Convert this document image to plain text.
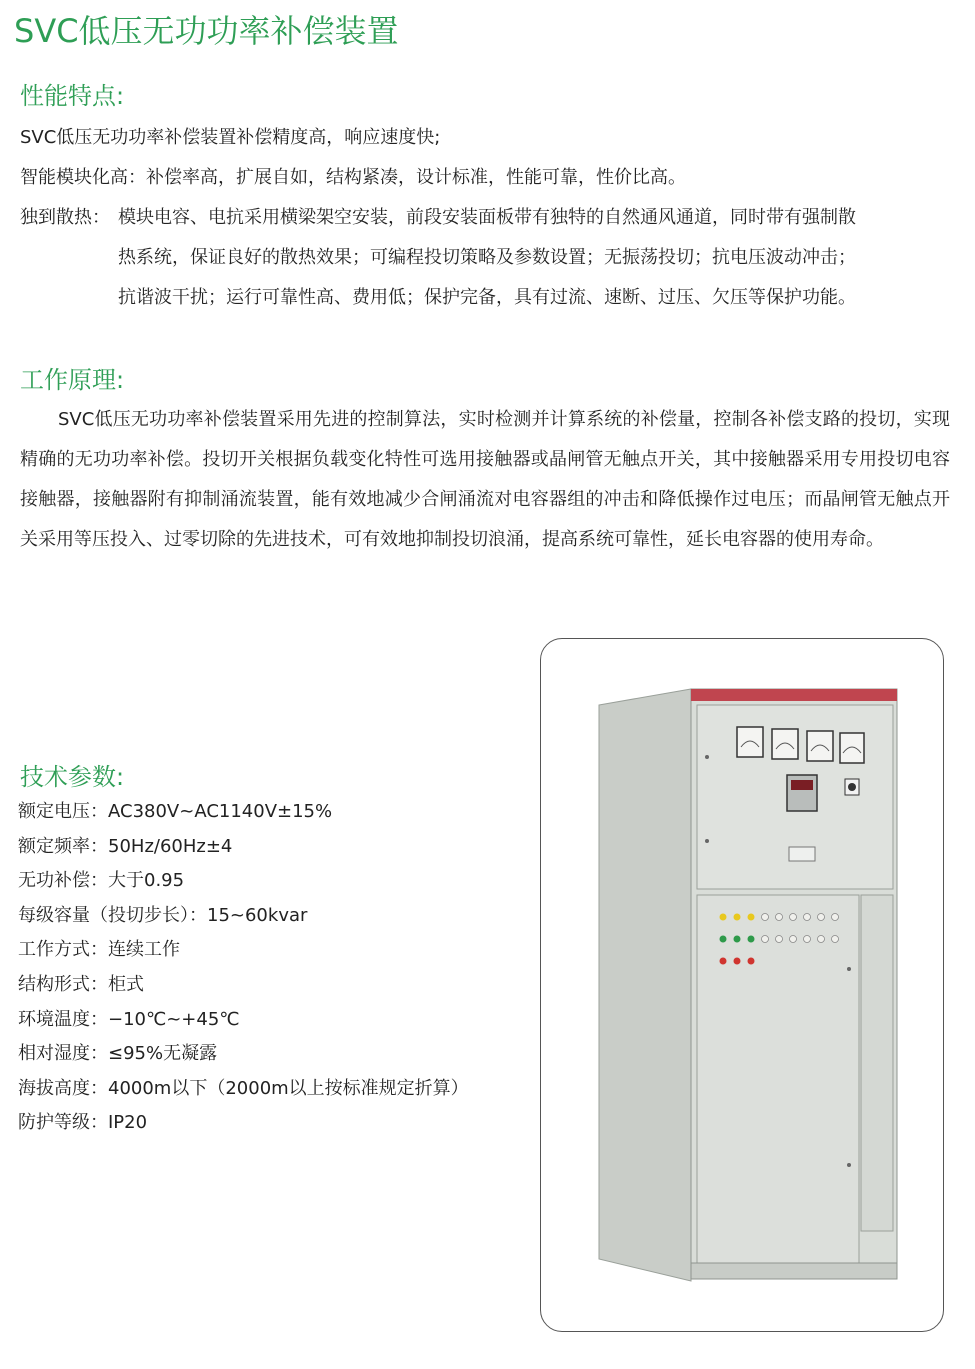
SVC低压无功功率补偿装置
性能特点:
SVC低压无功功率补偿装置补偿精度高，响应速度快;
智能模块化高：补偿率高，扩展自如，结构紧凑，设计标准，性能可靠，性价比高。
独到散热： 模块电容、电抗采用横梁架空安装，前段安装面板带有独特的自然通风通道，同时带有强制散
热系统，保证良好的散热效果；可编程投切策略及参数设置；无振荡投切；抗电压波动冲击；
抗谐波干扰；运行可靠性高、费用低；保护完备，具有过流、速断、过压、欠压等保护功能。
工作原理:
SVC低压无功功率补偿装置采用先进的控制算法，实时检测并计算系统的补偿量，控制各补偿支路的投切，实现精确的无功功率补偿。投切开关根据负载变化特性可选用接触器或晶闸管无触点开关，其中接触器采用专用投切电容接触器，接触器附有抑制涌流装置，能有效地减少合闸涌流对电容器组的冲击和降低操作过电压；而晶闸管无触点开关采用等压投入、过零切除的先进技术，可有效地抑制投切浪涌，提高系统可靠性，延长电容器的使用寿命。
技术参数:
额定电压：AC380V~AC1140V±15%
额定频率：50Hz/60Hz±4
无功补偿：大于0.95
每级容量（投切步长）：15~60kvar
工作方式：连续工作
结构形式：柜式
环境温度：−10℃~+45℃
相对湿度：≤95%无凝露
海拔高度：4000m以下（2000m以上按标准规定折算）
防护等级：IP20
